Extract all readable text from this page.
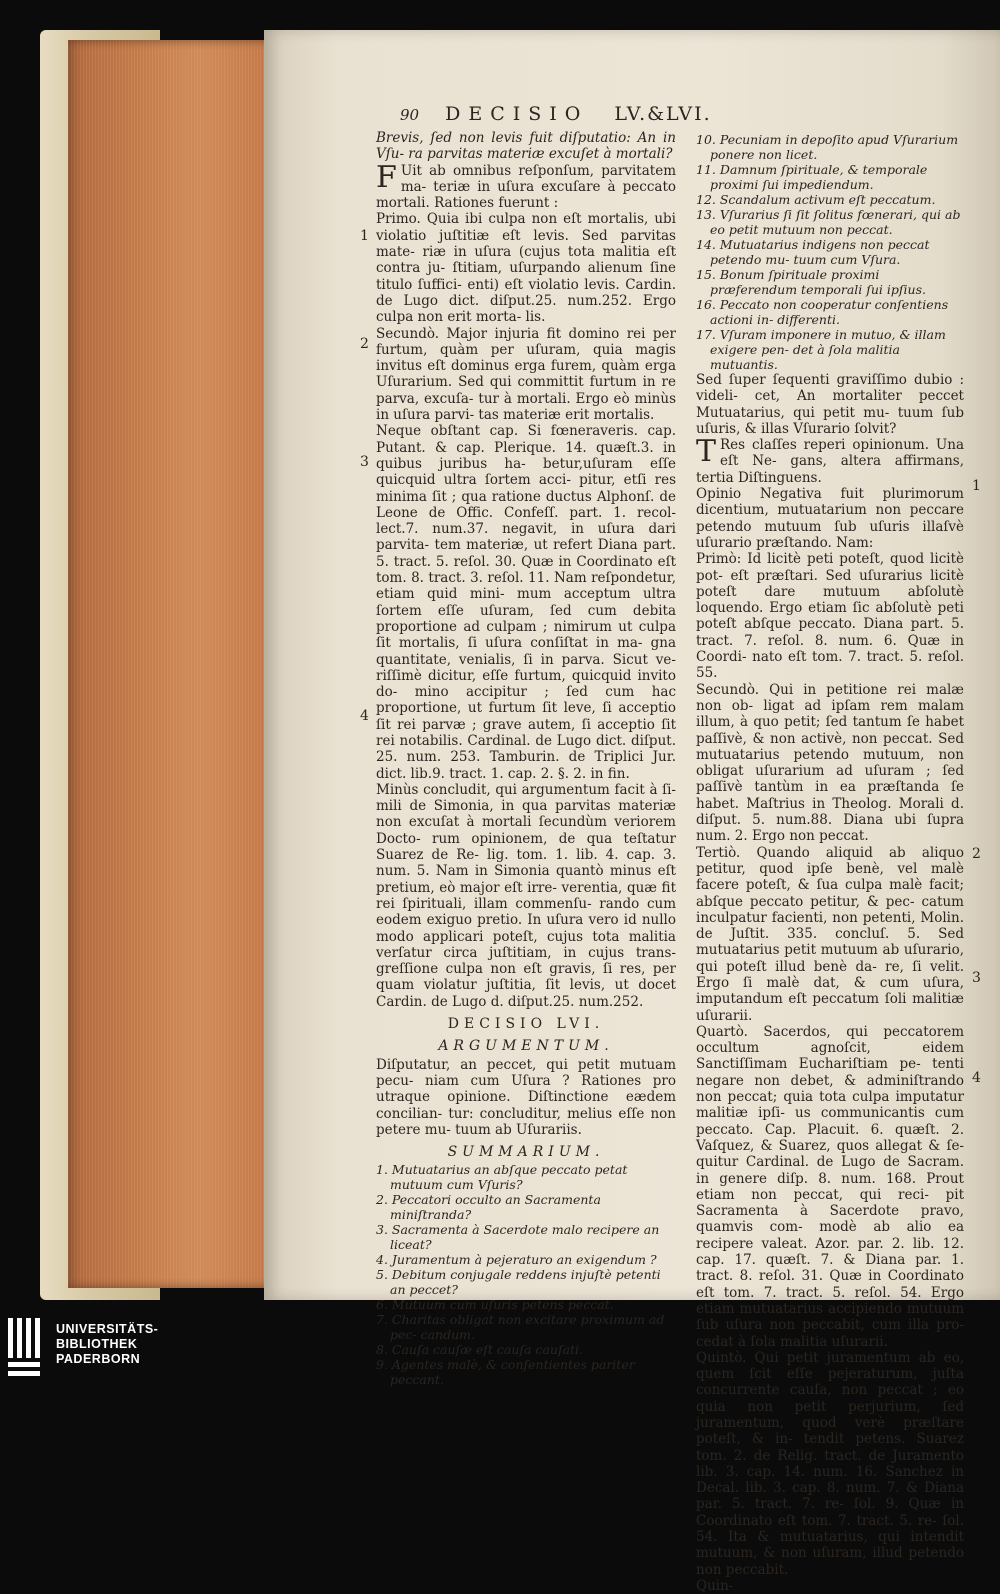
90 DECISIO LV.&LVI.
1
2
3
4
1
2
3
4

Brevis, ſed non levis fuit diſputatio: An in Vſu- ra parvitas materiæ excuſet à mortali?

F Uit ab omnibus reſponſum, parvitatem ma- teriæ in uſura excuſare à peccato mortali. Rationes fuerunt :

Primo. Quia ibi culpa non eſt mortalis, ubi violatio juſtitiæ eſt levis. Sed parvitas mate- riæ in uſura (cujus tota malitia eſt contra ju- ſtitiam, uſurpando alienum ſine titulo ſuffici- enti) eſt violatio levis. Cardin. de Lugo dict. diſput.25. num.252. Ergo culpa non erit morta- lis.

Secundò. Major injuria fit domino rei per furtum, quàm per uſuram, quia magis invitus eſt dominus erga furem, quàm erga Uſurarium. Sed qui committit furtum in re parva, excuſa- tur à mortali. Ergo eò minùs in uſura parvi- tas materiæ erit mortalis.

Neque obſtant cap. Si fœneraveris. cap. Putant. & cap. Plerique. 14. quæſt.3. in quibus juribus ha- betur,uſuram eſſe quicquid ultra ſortem acci- pitur, etſi res minima ſit ; qua ratione ductus Alphonſ. de Leone de Offic. Confeſſ. part. 1. recol- lect.7. num.37. negavit, in uſura dari parvita- tem materiæ, ut refert Diana part. 5. tract. 5. reſol. 30. Quæ in Coordinato eſt tom. 8. tract. 3. reſol. 11. Nam reſpondetur, etiam quid mini- mum acceptum ultra ſortem eſſe uſuram, ſed cum debita proportione ad culpam ; nimirum ut culpa ſit mortalis, ſi uſura conſiſtat in ma- gna quantitate, venialis, ſi in parva. Sicut ve- riſſimè dicitur, eſſe furtum, quicquid invito do- mino accipitur ; ſed cum hac proportione, ut furtum ſit leve, ſi acceptio ſit rei parvæ ; grave autem, ſi acceptio ſit rei notabilis. Cardinal. de Lugo dict. diſput. 25. num. 253. Tamburin. de Triplici Jur. dict. lib.9. tract. 1. cap. 2. §. 2. in fin.

Minùs concludit, qui argumentum facit à ſi- mili de Simonia, in qua parvitas materiæ non excuſat à mortali ſecundùm veriorem Docto- rum opinionem, de qua teſtatur Suarez de Re- lig. tom. 1. lib. 4. cap. 3. num. 5. Nam in Simonia quantò minus eſt pretium, eò major eſt irre- verentia, quæ fit rei ſpirituali, illam commenſu- rando cum eodem exiguo pretio. In uſura vero id nullo modo applicari poteſt, cujus tota malitia verſatur circa juſtitiam, in cujus trans- greſſione culpa non eſt gravis, ſi res, per quam violatur juſtitia, ſit levis, ut docet Cardin. de Lugo d. diſput.25. num.252.

DECISIO LVI.

ARGUMENTUM.

Diſputatur, an peccet, qui petit mutuam pecu- niam cum Uſura ? Rationes pro utraque opinione. Diſtinctione eædem concilian- tur: concluditur, melius eſſe non petere mu- tuum ab Uſurariis.

SUMMARIUM.

1. Mutuatarius an abſque peccato petat mutuum cum Vſuris?
2. Peccatori occulto an Sacramenta miniſtranda?
3. Sacramenta à Sacerdote malo recipere an liceat?
4. Juramentum à pejeraturo an exigendum ?
5. Debitum conjugale reddens injuſtè petenti an peccet?
6. Mutuum cum uſuris petens peccat.
7. Charitas obligat non excitare proximum ad pec- candum.
8. Cauſa cauſæ eſt cauſa cauſati.
9. Agentes malè, & conſentientes pariter peccant.
10. Pecuniam in depoſito apud Vſurarium ponere non licet.
11. Damnum ſpirituale, & temporale proximi ſui impediendum.
12. Scandalum activum eſt peccatum.
13. Vſurarius ſi ſit ſolitus fœnerari, qui ab eo petit mutuum non peccat.
14. Mutuatarius indigens non peccat petendo mu- tuum cum Vſura.
15. Bonum ſpirituale proximi præferendum temporali ſui ipſius.
16. Peccato non cooperatur conſentiens actioni in- differenti.
17. Vſuram imponere in mutuo, & illam exigere pen- det à ſola malitia mutuantis.

Sed ſuper ſequenti graviſſimo dubio : videli- cet, An mortaliter peccet Mutuatarius, qui petit mu- tuum ſub uſuris, & illas Vſurario ſolvit?

T Res claſſes reperi opinionum. Una eſt Ne- gans, altera affirmans, tertia Diſtinguens.

Opinio Negativa fuit plurimorum dicentium, mutuatarium non peccare petendo mutuum ſub uſuris illaſvè uſurario præſtando. Nam:

Primò: Id licitè peti poteſt, quod licitè pot- eſt præſtari. Sed uſurarius licitè poteſt dare mutuum abſolutè loquendo. Ergo etiam ſic abſolutè peti poteſt abſque peccato. Diana part. 5. tract. 7. reſol. 8. num. 6. Quæ in Coordi- nato eſt tom. 7. tract. 5. reſol. 55.

Secundò. Qui in petitione rei malæ non ob- ligat ad ipſam rem malam illum, à quo petit; ſed tantum ſe habet paſſivè, & non activè, non peccat. Sed mutuatarius petendo mutuum, non obligat uſurarium ad uſuram ; ſed paſſivè tantùm in ea præſtanda ſe habet. Maſtrius in Theolog. Morali d. diſput. 5. num.88. Diana ubi ſupra num. 2. Ergo non peccat.

Tertiò. Quando aliquid ab aliquo petitur, quod ipſe benè, vel malè facere poteſt, & ſua culpa malè facit; abſque peccato petitur, & pec- catum inculpatur facienti, non petenti, Molin. de Juſtit. 335. concluſ. 5. Sed mutuatarius petit mutuum ab uſurario, qui poteſt illud benè da- re, ſi velit. Ergo ſi malè dat, & cum uſura, imputandum eſt peccatum ſoli malitiæ uſurarii.

Quartò. Sacerdos, qui peccatorem occultum agnoſcit, eidem Sanctiſſimam Euchariſtiam pe- tenti negare non debet, & adminiſtrando non peccat; quia tota culpa imputatur malitiæ ipſi- us communicantis cum peccato. Cap. Placuit. 6. quæſt. 2. Vaſquez, & Suarez, quos allegat & ſe- quitur Cardinal. de Lugo de Sacram. in genere diſp. 8. num. 168. Prout etiam non peccat, qui reci- pit Sacramenta à Sacerdote pravo, quamvis com- modè ab alio ea recipere valeat. Azor. par. 2. lib. 12. cap. 17. quæſt. 7. & Diana par. 1. tract. 8. reſol. 31. Quæ in Coordinato eſt tom. 7. tract. 5. reſol. 54. Ergo etiam mutuatarius accipiendo mutuum ſub uſura non peccabit, cum illa pro- cedat à ſola malitia uſurarii.

Quintò. Qui petit juramentum ab eo, quem ſcit eſſe pejeraturum, juſta concurrente cauſa, non peccat ; eo quia non petit perjurium, ſed juramentum, quod verè præſtare poteſt, & in- tendit petens. Suarez tom. 2. de Relig. tract. de Juramento lib. 3. cap. 14. num. 16. Sanchez in Decal. lib. 3. cap. 8. num. 7. & Diana par. 5. tract. 7. re- ſol. 9. Quæ in Coordinato eſt tom. 7. tract. 5. re- ſol. 54. Ita & mutuatarius, qui intendit mutuum, & non uſuram, illud petendo non peccabit.

Quin-

UNIVERSITÄTS-
BIBLIOTHEK
PADERBORN
